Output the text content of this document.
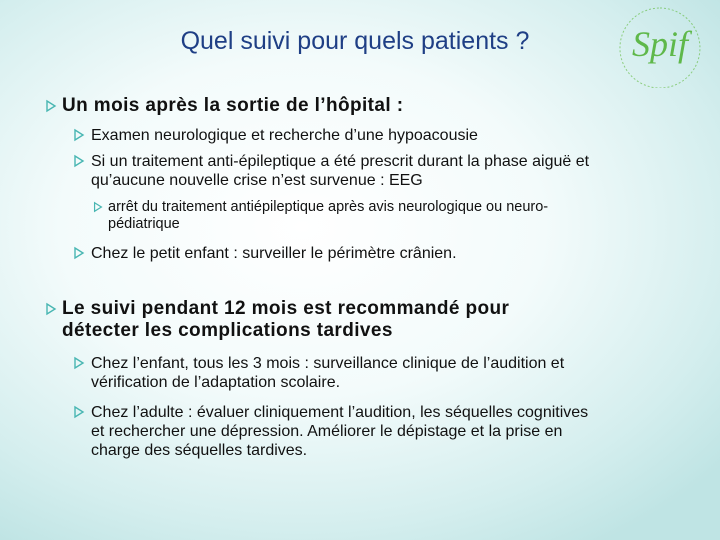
Quel suivi pour quels patients ?	Spif
Un mois après la sortie de l’hôpital :
Examen neurologique et recherche d’une hypoacousie
Si un traitement anti-épileptique a été prescrit durant la phase aiguë et
qu’aucune nouvelle crise n’est survenue : EEG
arrêt du traitement antiépileptique après avis neurologique ou neuro-
pédiatrique
Chez le petit enfant : surveiller le périmètre crânien.
Le suivi pendant 12 mois est recommandé pour
détecter les complications tardives
Chez l’enfant, tous les 3 mois : surveillance clinique de l’audition et
vérification de l’adaptation scolaire.
Chez l’adulte : évaluer cliniquement l’audition, les séquelles cognitives
et rechercher une dépression. Améliorer le dépistage et la prise en
charge des séquelles tardives.
